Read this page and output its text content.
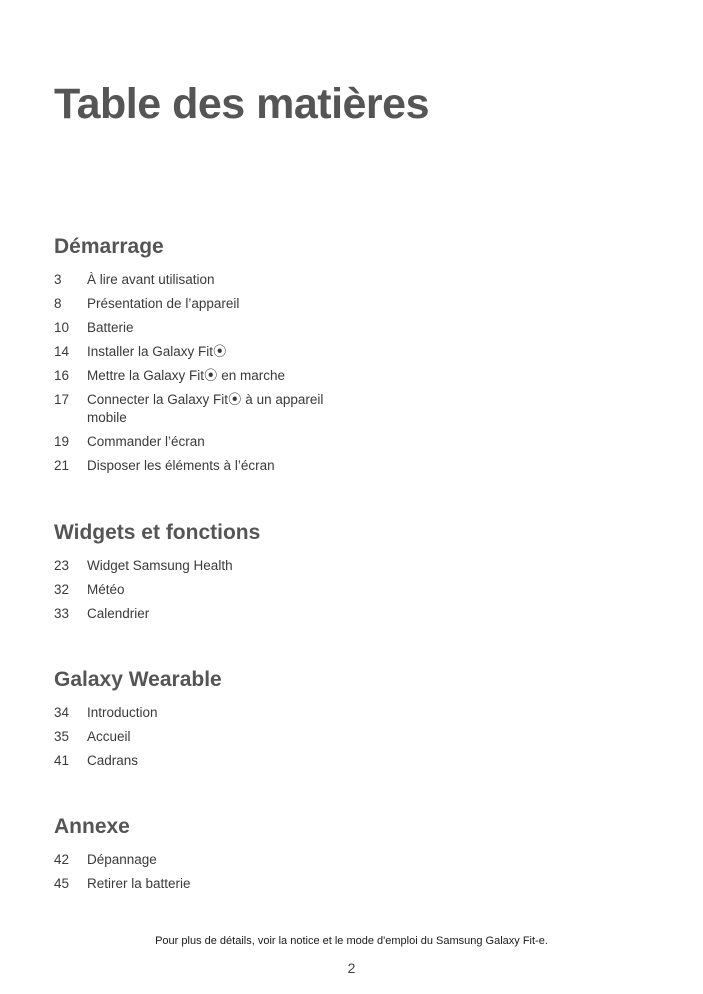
Table des matières
Démarrage
3	À lire avant utilisation
8	Présentation de l’appareil
10	Batterie
14	Installer la Galaxy Fit⦿
16	Mettre la Galaxy Fit⦿ en marche
17	Connecter la Galaxy Fit⦿ à un appareil mobile
19	Commander l’écran
21	Disposer les éléments à l’écran
Widgets et fonctions
23	Widget Samsung Health
32	Météo
33	Calendrier
Galaxy Wearable
34	Introduction
35	Accueil
41	Cadrans
Annexe
42	Dépannage
45	Retirer la batterie
Pour plus de détails, voir la notice et le mode d'emploi du Samsung Galaxy Fit-e.
2
